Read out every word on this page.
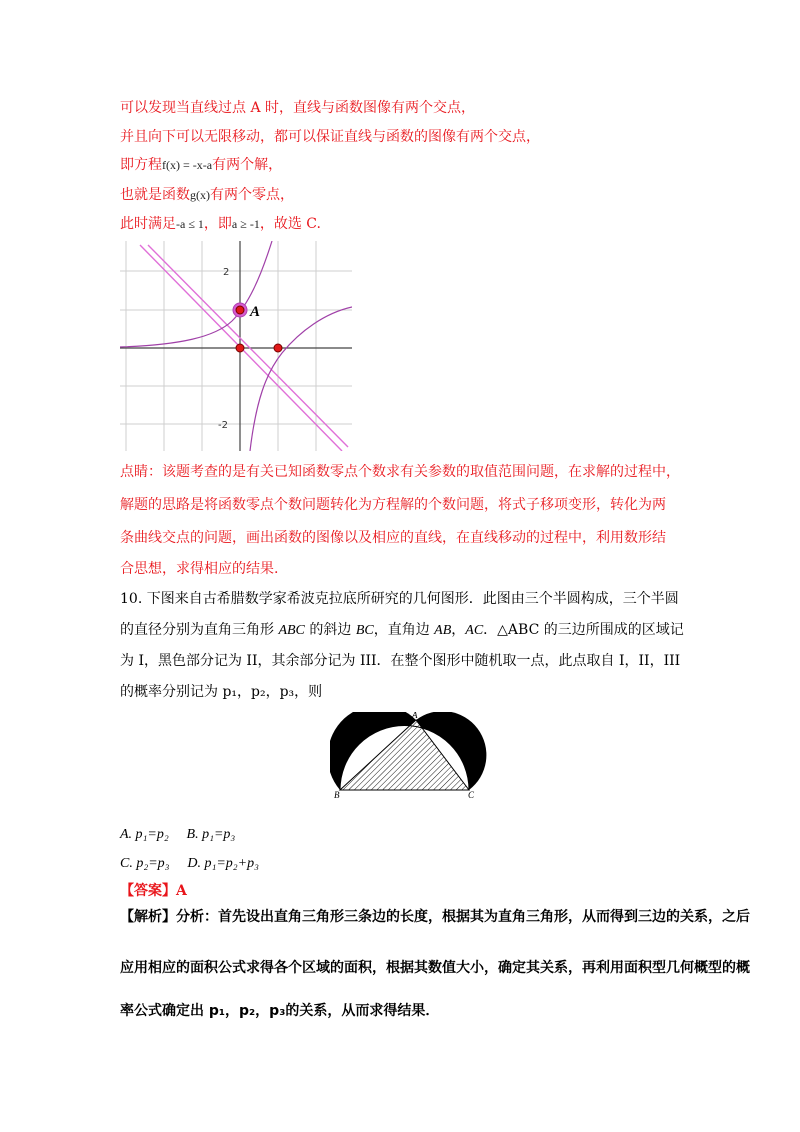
可以发现当直线过点 A 时，直线与函数图像有两个交点，
并且向下可以无限移动，都可以保证直线与函数的图像有两个交点，
即方程f(x) = -x-a有两个解，
也就是函数g(x)有两个零点，
此时满足-a ≤ 1，即a ≥ -1，故选 C.
A
2
-2
点睛：该题考查的是有关已知函数零点个数求有关参数的取值范围问题，在求解的过程中，
解题的思路是将函数零点个数问题转化为方程解的个数问题，将式子移项变形，转化为两
条曲线交点的问题，画出函数的图像以及相应的直线，在直线移动的过程中，利用数形结
合思想，求得相应的结果.
10. 下图来自古希腊数学家希波克拉底所研究的几何图形．此图由三个半圆构成，三个半圆
的直径分别为直角三角形 ABC 的斜边 BC，直角边 AB，AC．△ABC 的三边所围成的区域记
为 I，黑色部分记为 II，其余部分记为 III．在整个图形中随机取一点，此点取自 I，II，III
的概率分别记为 p₁，p₂，p₃，则
A
B	C
A. p₁=p₂ B. p₁=p₃
C. p₂=p₃ D. p₁=p₂+p₃
【答案】A
【解析】分析：首先设出直角三角形三条边的长度，根据其为直角三角形，从而得到三边的关系，之后
应用相应的面积公式求得各个区域的面积，根据其数值大小，确定其关系，再利用面积型几何概型的概
率公式确定出 p₁，p₂，p₃的关系，从而求得结果．
